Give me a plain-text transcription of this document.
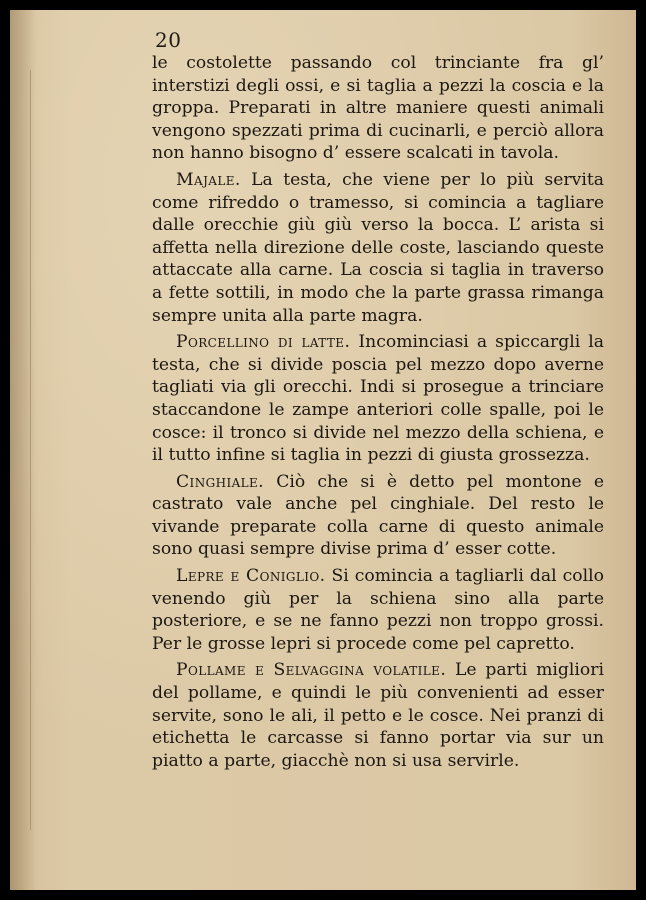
20

le costolette passando col trinciante fra gl’ interstizi degli ossi, e si taglia a pezzi la coscia e la groppa. Preparati in altre maniere questi animali vengono spezzati prima di cucinarli, e perciò allora non hanno bisogno d’ essere scalcati in tavola.

Majale. La testa, che viene per lo più servita come rifreddo o tramesso, si comincia a tagliare dalle orecchie giù giù verso la bocca. L’ arista si affetta nella direzione delle coste, lasciando queste attaccate alla carne. La coscia si taglia in traverso a fette sottili, in modo che la parte grassa rimanga sempre unita alla parte magra.

Porcellino di latte. Incominciasi a spiccargli la testa, che si divide poscia pel mezzo dopo averne tagliati via gli orecchi. Indi si prosegue a trinciare staccandone le zampe anteriori colle spalle, poi le cosce: il tronco si divide nel mezzo della schiena, e il tutto infine si taglia in pezzi di giusta grossezza.

Cinghiale. Ciò che si è detto pel montone e castrato vale anche pel cinghiale. Del resto le vivande preparate colla carne di questo animale sono quasi sempre divise prima d’ esser cotte.

Lepre e Coniglio. Si comincia a tagliarli dal collo venendo giù per la schiena sino alla parte posteriore, e se ne fanno pezzi non troppo grossi. Per le grosse lepri si procede come pel capretto.

Pollame e Selvaggina volatile. Le parti migliori del pollame, e quindi le più convenienti ad esser servite, sono le ali, il petto e le cosce. Nei pranzi di etichetta le carcasse si fanno portar via sur un piatto a parte, giacchè non si usa servirle.
